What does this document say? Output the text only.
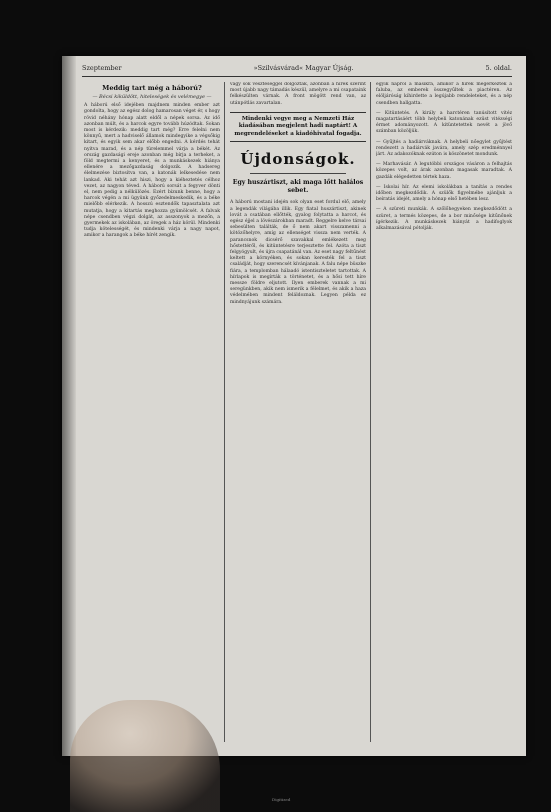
Szeptember	»Szilvásvárad« Magyar Újság.	5. oldal.
Meddig tart még a háború?
— Bécsi kiküldött, hiteleségek és velémegye —
A háború első idejében majdnem minden ember azt gondolta, hogy az egész dolog hamarosan véget ér, s hogy rövid néhány hónap alatt eldől a népek sorsa. Az idő azonban múlt, és a harcok egyre tovább húzódtak. Sokan most is kérdezik: meddig tart még? Erre felelni nem könnyű, mert a hadviselő államok mindegyike a végsőkig kitart, és egyik sem akar előbb engedni. A kérdés tehát nyitva marad, és a nép türelemmel várja a békét. Az ország gazdasági ereje azonban még bírja a terheket, a föld megtermi a kenyeret, és a munkáskezek hiánya ellenére a mezőgazdaság dolgozik. A hadsereg élelmezése biztosítva van, a katonák lelkesedése nem lankad. Aki tehát azt hiszi, hogy a kiéheztetés célhoz vezet, az nagyon téved. A háború sorsát a fegyver dönti el, nem pedig a nélkülözés. Ezért bízunk benne, hogy a harcok végén a mi ügyünk győzedelmeskedik, és a béke mielőbb elérkezik. A hosszú esztendők tapasztalata azt mutatja, hogy a kitartás meghozza gyümölcsét. A falvak népe csendben végzi dolgát, az asszonyok a mezőn, a gyermekek az iskolában, az öregek a ház körül. Mindenki tudja kötelességét, és mindenki várja a nagy napot, amikor a harangok a béke hírét zengik.
vagy sok veszteséggel dolgoztak, azonban a hírek szerint most újabb nagy támadás készül, amelyre a mi csapataink felkészülten várnak. A front mögött rend van, az utánpótlás zavartalan.
Mindenki vegye meg a Nemzeti Ház kiadásában megjelent hadi naptárt! A megrendeléseket a kiadóhivatal fogadja.
Újdonságok.
Egy huszártiszt, aki maga lőtt halálos sebet.
A háború mostani idején sok olyan eset fordul elő, amely a legendák világába illik. Egy fiatal huszártiszt, akinek lovát a csatában ellőtték, gyalog folytatta a harcot, és egész éjjel a lövészárokban maradt. Reggelre kelve társai sebesülten találták, de ő nem akart visszamenni a kötözőhelyre, amíg az ellenséget vissza nem verték. A parancsnok dicsérő szavakkal emlékezett meg hőstettéről, és kitüntetésre terjesztette fel. Azóta a tiszt felgyógyult, és újra csapatánál van. Az eset nagy feltűnést keltett a környéken, és sokan keresték fel a tiszt családját, hogy szerencsét kívánjanak. A falu népe büszke fiára, a templomban hálaadó istentiszteletet tartottak. A hírlapok is megírták a történetet, és a hősi tett híre messze földre eljutott. Ilyen emberek vannak a mi seregünkben, akik nem ismerik a félelmet, és akik a haza védelmében mindent feláldoznak. Legyen példa ez mindnyájunk számára.
egyik napról a másikra, amikor a hírek megérkeztek a faluba, az emberek összegyűltek a piactéren. Az elöljáróság kihirdette a legújabb rendeleteket, és a nép csendben hallgatta.

— Kitüntetés. A király a harctéren tanúsított vitéz magatartásáért több helybeli katonának ezüst vitézségi érmet adományozott. A kitüntetettek nevét a jövő számban közöljük.

— Gyűjtés a hadiárváknak. A helybeli nőegylet gyűjtést rendezett a hadiárvák javára, amely szép eredménnyel járt. Az adakozóknak ezúton is köszönetet mondunk.

— Marhavásár. A legutóbbi országos vásáron a felhajtás közepes volt, az árak azonban magasak maradtak. A gazdák elégedetten tértek haza.

— Iskolai hír. Az elemi iskolákban a tanítás a rendes időben megkezdődik. A szülők figyelmébe ajánljuk a beíratás idejét, amely a hónap első hetében lesz.

— A szüreti munkák. A szőlőhegyeken megkezdődött a szüret, a termés közepes, de a bor minősége kitűnőnek ígérkezik. A munkáskezek hiányát a hadifoglyok alkalmazásával pótolják.

Digitized
